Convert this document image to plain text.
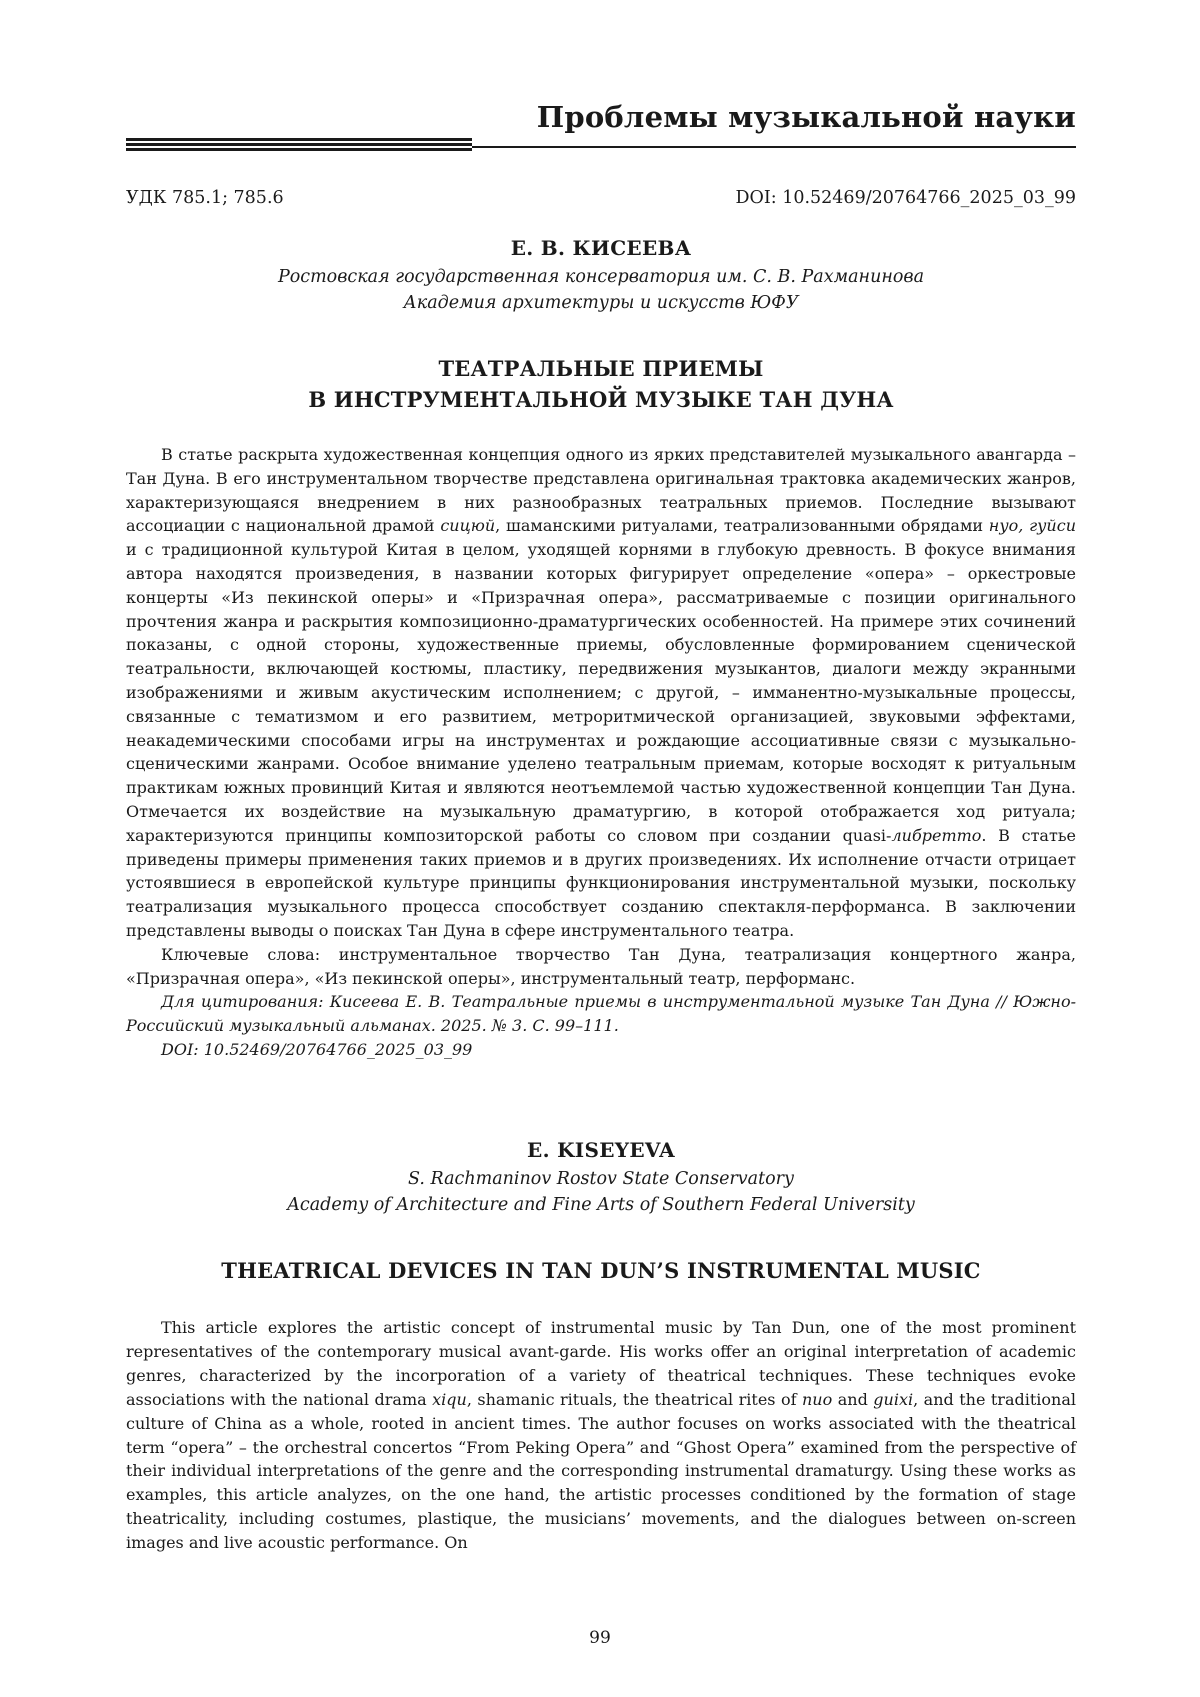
Проблемы музыкальной науки
УДК 785.1; 785.6	DOI: 10.52469/20764766_2025_03_99
Е. В. КИСЕЕВА
Ростовская государственная консерватория им. С. В. Рахманинова
Академия архитектуры и искусств ЮФУ
ТЕАТРАЛЬНЫЕ ПРИЕМЫ
В ИНСТРУМЕНТАЛЬНОЙ МУЗЫКЕ ТАН ДУНА

В статье раскрыта художественная концепция одного из ярких представителей музыкального авангарда – Тан Дуна. В его инструментальном творчестве представлена оригинальная трактовка академических жанров, характеризующаяся внедрением в них разнообразных театральных приемов. Последние вызывают ассоциации с национальной драмой сицюй, шаманскими ритуалами, театрализованными обрядами нуо, гуйси и с традиционной культурой Китая в целом, уходящей корнями в глубокую древность. В фокусе внимания автора находятся произведения, в названии которых фигурирует определение «опера» – оркестровые концерты «Из пекинской оперы» и «Призрачная опера», рассматриваемые с позиции оригинального прочтения жанра и раскрытия композиционно-драматургических особенностей. На примере этих сочинений показаны, с одной стороны, художественные приемы, обусловленные формированием сценической театральности, включающей костюмы, пластику, передвижения музыкантов, диалоги между экранными изображениями и живым акустическим исполнением; с другой, – имманентно-музыкальные процессы, связанные с тематизмом и его развитием, метроритмической организацией, звуковыми эффектами, неакадемическими способами игры на инструментах и рождающие ассоциативные связи с музыкально-сценическими жанрами. Особое внимание уделено театральным приемам, которые восходят к ритуальным практикам южных провинций Китая и являются неотъемлемой частью художественной концепции Тан Дуна. Отмечается их воздействие на музыкальную драматургию, в которой отображается ход ритуала; характеризуются принципы композиторской работы со словом при создании quasi-либретто. В статье приведены примеры применения таких приемов и в других произведениях. Их исполнение отчасти отрицает устоявшиеся в европейской культуре принципы функционирования инструментальной музыки, поскольку театрализация музыкального процесса способствует созданию спектакля-перформанса. В заключении представлены выводы о поисках Тан Дуна в сфере инструментального театра.

Ключевые слова: инструментальное творчество Тан Дуна, театрализация концертного жанра, «Призрачная опера», «Из пекинской оперы», инструментальный театр, перформанс.

Для цитирования: Кисеева Е. В. Театральные приемы в инструментальной музыке Тан Дуна // Южно-Российский музыкальный альманах. 2025. № 3. С. 99–111.

DOI: 10.52469/20764766_2025_03_99

E. KISEYEVA
S. Rachmaninov Rostov State Conservatory
Academy of Architecture and Fine Arts of Southern Federal University
THEATRICAL DEVICES IN TAN DUN’S INSTRUMENTAL MUSIC

This article explores the artistic concept of instrumental music by Tan Dun, one of the most prominent representatives of the contemporary musical avant-garde. His works offer an original interpretation of academic genres, characterized by the incorporation of a variety of theatrical techniques. These techniques evoke associations with the national drama xiqu, shamanic rituals, the theatrical rites of nuo and guixi, and the traditional culture of China as a whole, rooted in ancient times. The author focuses on works associated with the theatrical term “opera” – the orchestral concertos “From Peking Opera” and “Ghost Opera” examined from the perspective of their individual interpretations of the genre and the corresponding instrumental dramaturgy. Using these works as examples, this article analyzes, on the one hand, the artistic processes conditioned by the formation of stage theatricality, including costumes, plastique, the musicians’ movements, and the dialogues between on-screen images and live acoustic performance. On

99
